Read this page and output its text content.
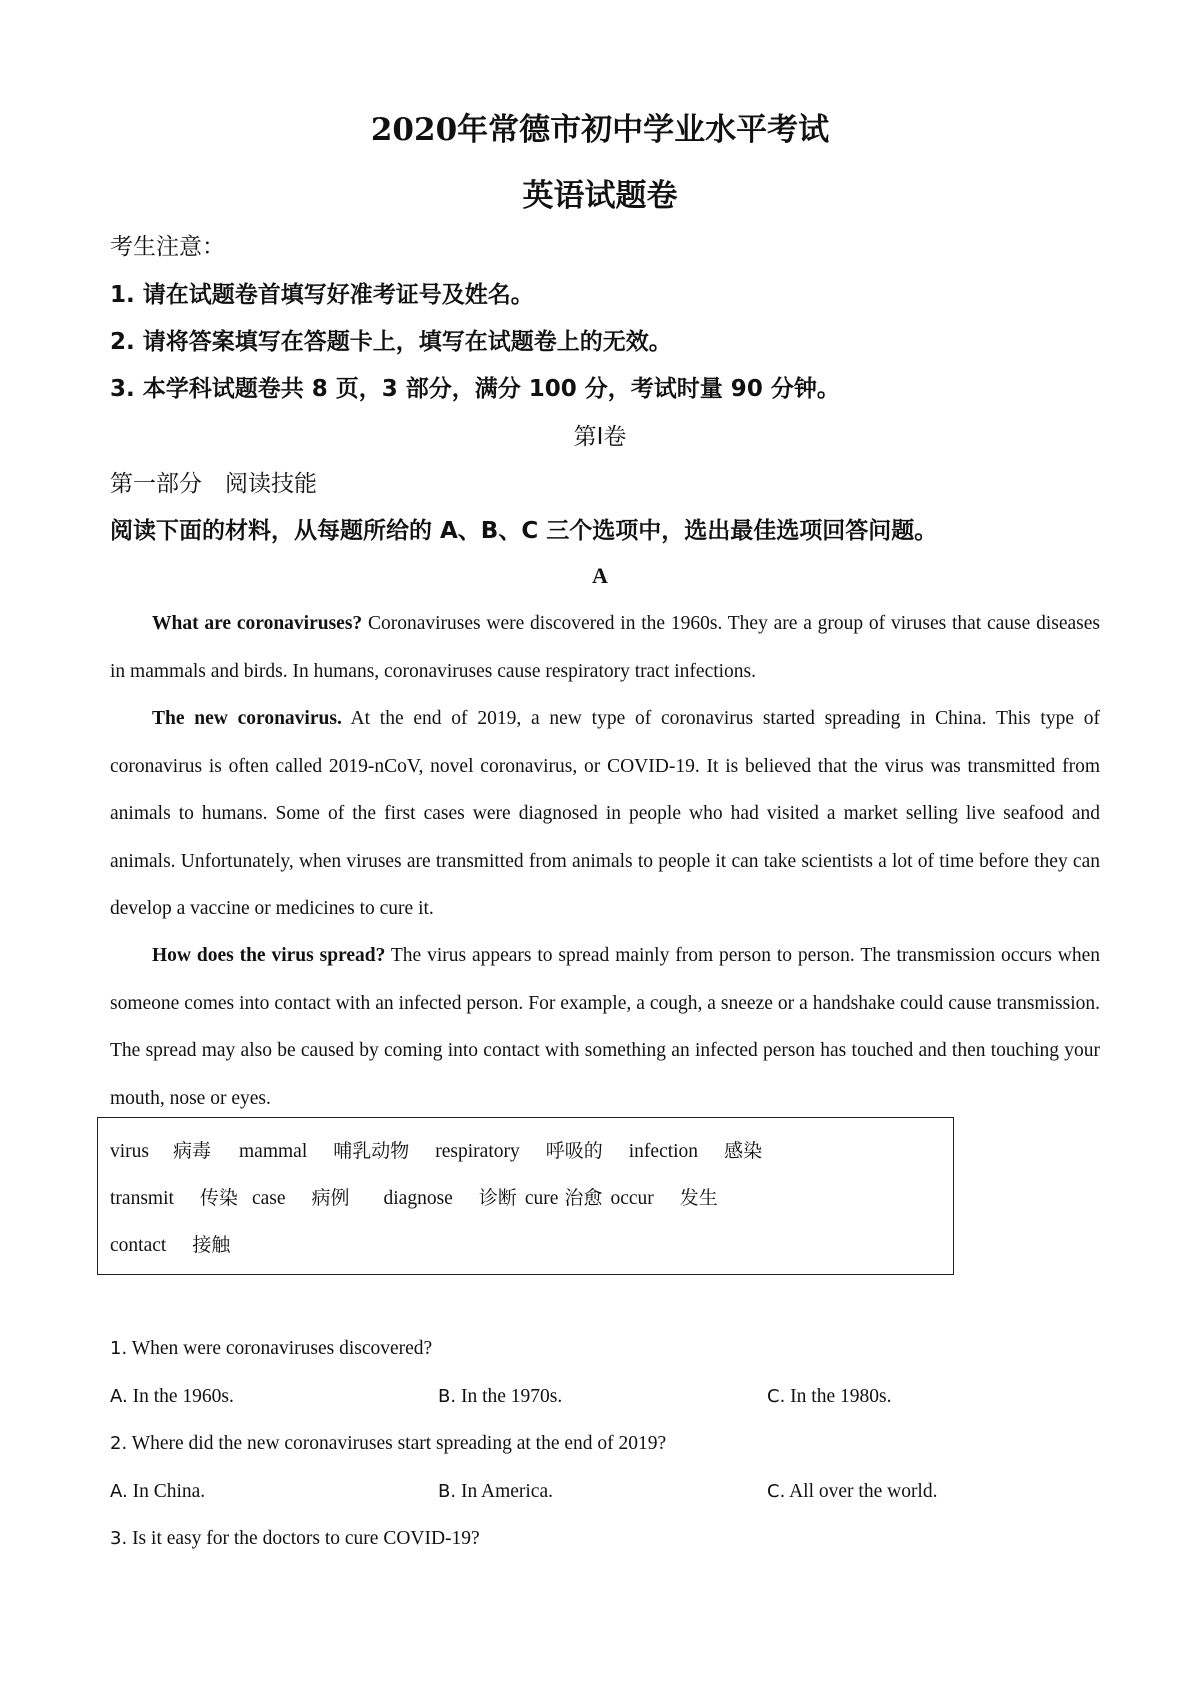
2020年常德市初中学业水平考试
英语试题卷
考生注意：
1. 请在试题卷首填写好准考证号及姓名。
2. 请将答案填写在答题卡上，填写在试题卷上的无效。
3. 本学科试题卷共 8 页，3 部分，满分 100 分，考试时量 90 分钟。
第Ⅰ卷
第一部分　阅读技能
阅读下面的材料，从每题所给的 A、B、C 三个选项中，选出最佳选项回答问题。
A

What are coronaviruses? Coronaviruses were discovered in the 1960s. They are a group of viruses that cause diseases in mammals and birds. In humans, coronaviruses cause respiratory tract infections.

The new coronavirus. At the end of 2019, a new type of coronavirus started spreading in China. This type of coronavirus is often called 2019-nCoV, novel coronavirus, or COVID-19. It is believed that the virus was transmitted from animals to humans. Some of the first cases were diagnosed in people who had visited a market selling live seafood and animals. Unfortunately, when viruses are transmitted from animals to people it can take scientists a lot of time before they can develop a vaccine or medicines to cure it.

How does the virus spread? The virus appears to spread mainly from person to person. The transmission occurs when someone comes into contact with an infected person. For example, a cough, a sneeze or a handshake could cause transmission. The spread may also be caused by coming into contact with something an infected person has touched and then touching your mouth, nose or eyes.

virus 病毒 mammal 哺乳动物 respiratory 呼吸的 infection 感染
transmit 传染 case 病例 diagnose 诊断 cure 治愈 occur 发生
contact 接触
1. When were coronaviruses discovered?
A. In the 1960s.	B. In the 1970s.	C. In the 1980s.
2. Where did the new coronaviruses start spreading at the end of 2019?
A. In China.	B. In America.	C. All over the world.
3. Is it easy for the doctors to cure COVID-19?
